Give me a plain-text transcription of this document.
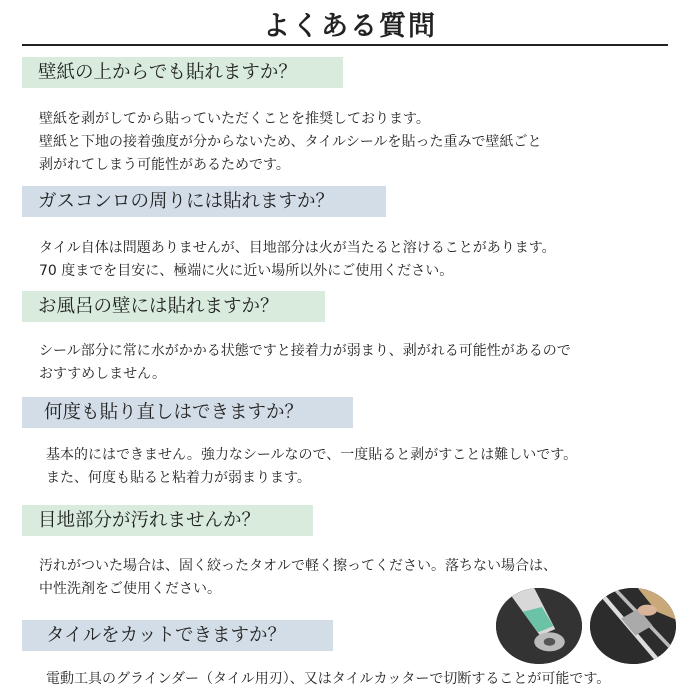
よくある質問
壁紙の上からでも貼れますか？
壁紙を剥がしてから貼っていただくことを推奨しております。
壁紙と下地の接着強度が分からないため、タイルシールを貼った重みで壁紙ごと
剥がれてしまう可能性があるためです。
ガスコンロの周りには貼れますか？
タイル自体は問題ありませんが、目地部分は火が当たると溶けることがあります。
70 度までを目安に、極端に火に近い場所以外にご使用ください。
お風呂の壁には貼れますか？
シール部分に常に水がかかる状態ですと接着力が弱まり、剥がれる可能性があるので
おすすめしません。
何度も貼り直しはできますか？
基本的にはできません。強力なシールなので、一度貼ると剥がすことは難しいです。
また、何度も貼ると粘着力が弱まります。
目地部分が汚れませんか？
汚れがついた場合は、固く絞ったタオルで軽く擦ってください。落ちない場合は、
中性洗剤をご使用ください。
タイルをカットできますか？
電動工具のグラインダー（タイル用刃）、又はタイルカッターで切断することが可能です。
